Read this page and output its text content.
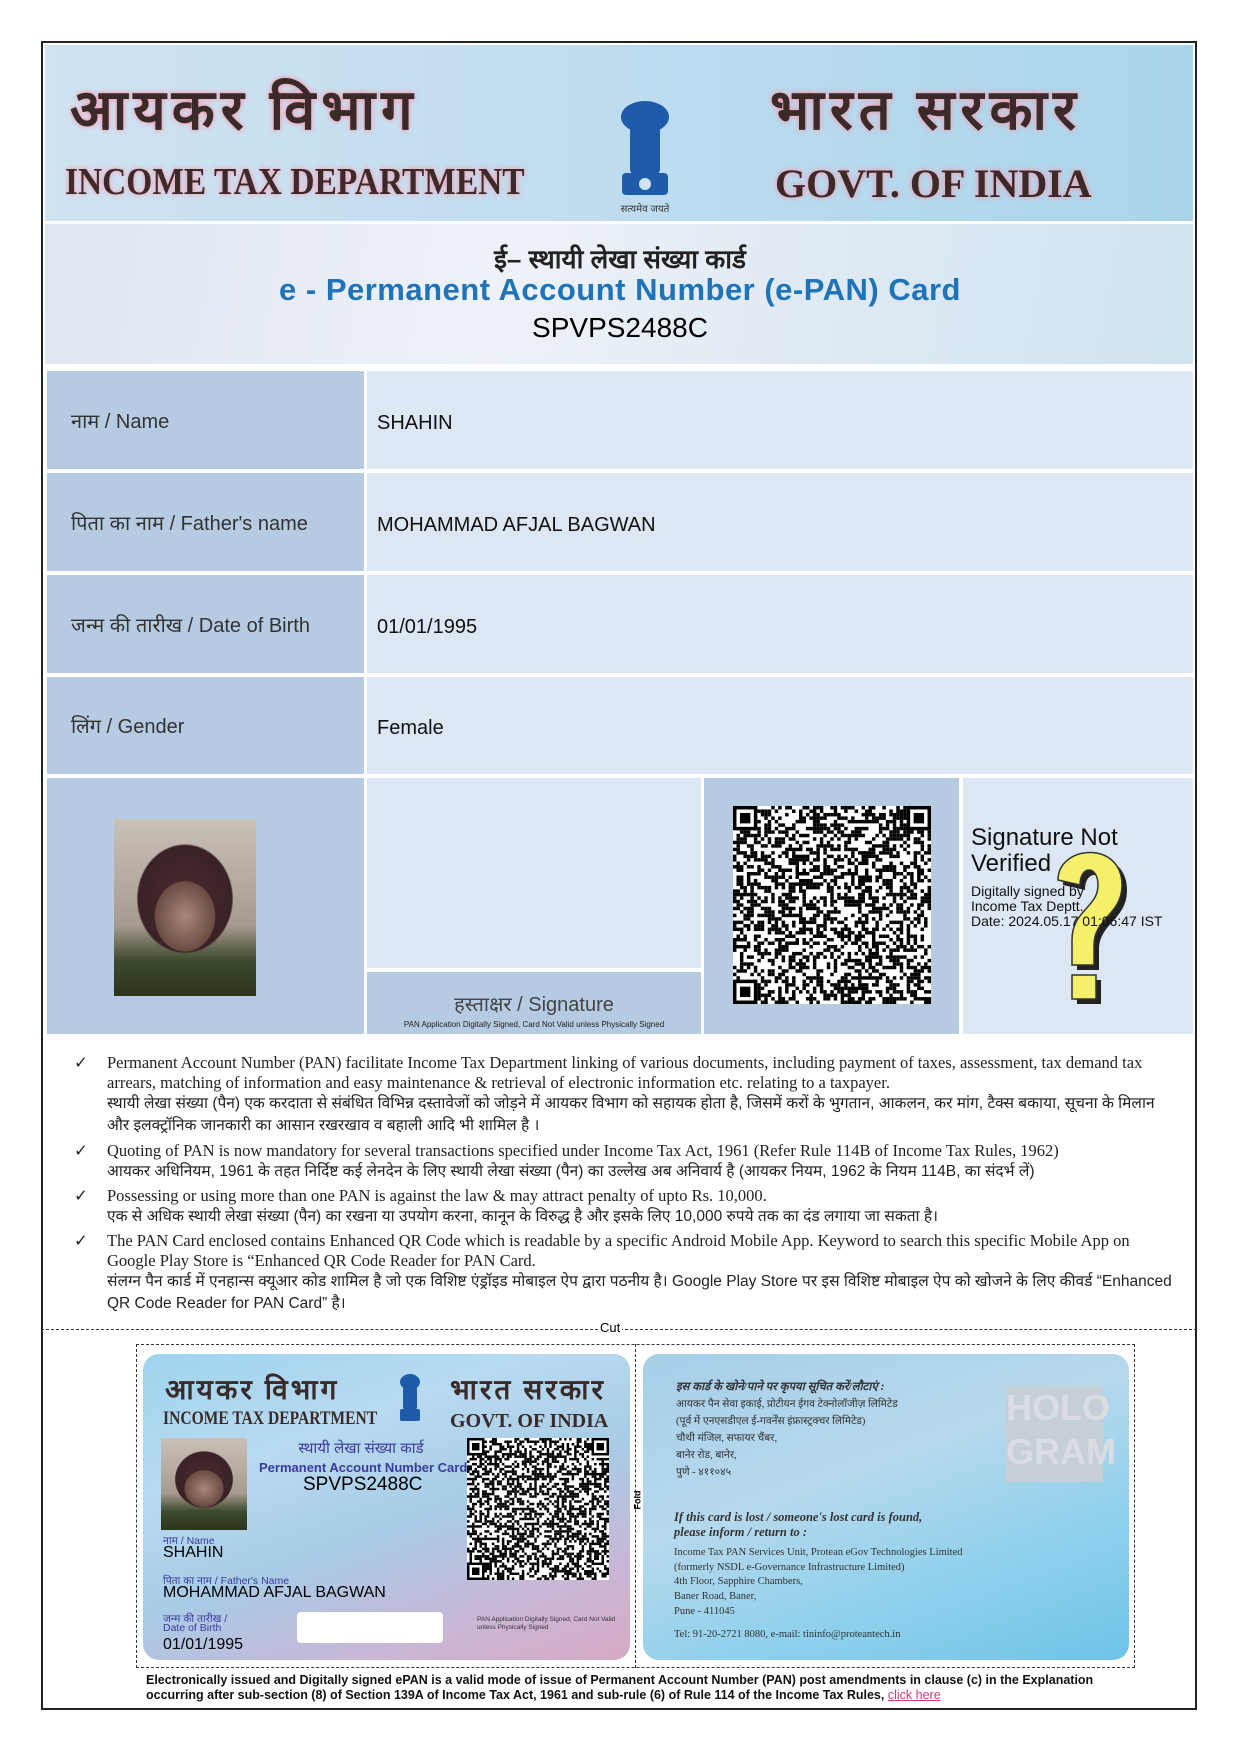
आयकर विभाग
INCOME TAX DEPARTMENT
सत्यमेव जयते
भारत सरकार
GOVT. OF INDIA
ई– स्थायी लेखा संख्या कार्ड
e - Permanent Account Number (e-PAN) Card
SPVPS2488C
नाम / Name	SHAHIN
पिता का नाम / Father's name	MOHAMMAD AFJAL BAGWAN
जन्म की तारीख / Date of Birth	01/01/1995
लिंग / Gender	Female
हस्ताक्षर / Signature
PAN Application Digitally Signed, Card Not Valid unless Physically Signed
Signature Not Verified
Digitally signed by
Income Tax Deptt.
Date: 2024.05.17 01:06:47 IST
✓ Permanent Account Number (PAN) facilitate Income Tax Department linking of various documents, including payment of taxes, assessment, tax demand tax arrears, matching of information and easy maintenance & retrieval of electronic information etc. relating to a taxpayer.
स्थायी लेखा संख्या (पैन) एक करदाता से संबंधित विभिन्न दस्तावेजों को जोड़ने में आयकर विभाग को सहायक होता है, जिसमें करों के भुगतान, आकलन, कर मांग, टैक्स बकाया, सूचना के मिलान और इलक्ट्रॉनिक जानकारी का आसान रखरखाव व बहाली आदि भी शामिल है ।
✓ Quoting of PAN is now mandatory for several transactions specified under Income Tax Act, 1961 (Refer Rule 114B of Income Tax Rules, 1962)
आयकर अधिनियम, 1961 के तहत निर्दिष्ट कई लेनदेन के लिए स्थायी लेखा संख्या (पैन) का उल्लेख अब अनिवार्य है (आयकर नियम, 1962 के नियम 114B, का संदर्भ लें)
✓ Possessing or using more than one PAN is against the law & may attract penalty of upto Rs. 10,000.
एक से अधिक स्थायी लेखा संख्या (पैन) का रखना या उपयोग करना, कानून के विरुद्ध है और इसके लिए 10,000 रुपये तक का दंड लगाया जा सकता है।
✓ The PAN Card enclosed contains Enhanced QR Code which is readable by a specific Android Mobile App. Keyword to search this specific Mobile App on Google Play Store is “Enhanced QR Code Reader for PAN Card.
संलग्न पैन कार्ड में एनहान्स क्यूआर कोड शामिल है जो एक विशिष्ट एंड्रॉइड मोबाइल ऐप द्वारा पठनीय है। Google Play Store पर इस विशिष्ट मोबाइल ऐप को खोजने के लिए कीवर्ड “Enhanced QR Code Reader for PAN Card” है।
Cut
Fold
आयकर विभाग
INCOME TAX DEPARTMENT
भारत सरकार
GOVT. OF INDIA
स्थायी लेखा संख्या कार्ड
Permanent Account Number Card
SPVPS2488C
नाम / Name
SHAHIN
पिता का नाम / Father's Name
MOHAMMAD AFJAL BAGWAN
जन्म की तारीख /
Date of Birth
01/01/1995
PAN Application Digitally Signed, Card Not Valid unless Physically Signed
इस कार्ड के खोने/पाने पर कृपया सूचित करें/लौटाएं :
आयकर पैन सेवा इकाई, प्रोटीयन ईगव टेक्नोलॉजीज़ लिमिटेड
(पूर्व में एनएसडीएल ई-गवर्नेंस इंफ्रास्ट्रक्चर लिमिटेड)
चौथी मंजिल, सफायर चैंबर,
बानेर रोड, बानेर,
पुणे - ४११०४५
HOLO
GRAM
If this card is lost / someone's lost card is found,
please inform / return to :
Income Tax PAN Services Unit, Protean eGov Technologies Limited
(formerly NSDL e-Governance Infrastructure Limited)
4th Floor, Sapphire Chambers,
Baner Road, Baner,
Pune - 411045
Tel: 91-20-2721 8080, e-mail: tininfo@proteantech.in
Electronically issued and Digitally signed ePAN is a valid mode of issue of Permanent Account Number (PAN) post amendments in clause (c) in the Explanation occurring after sub-section (8) of Section 139A of Income Tax Act, 1961 and sub-rule (6) of Rule 114 of the Income Tax Rules, click here
